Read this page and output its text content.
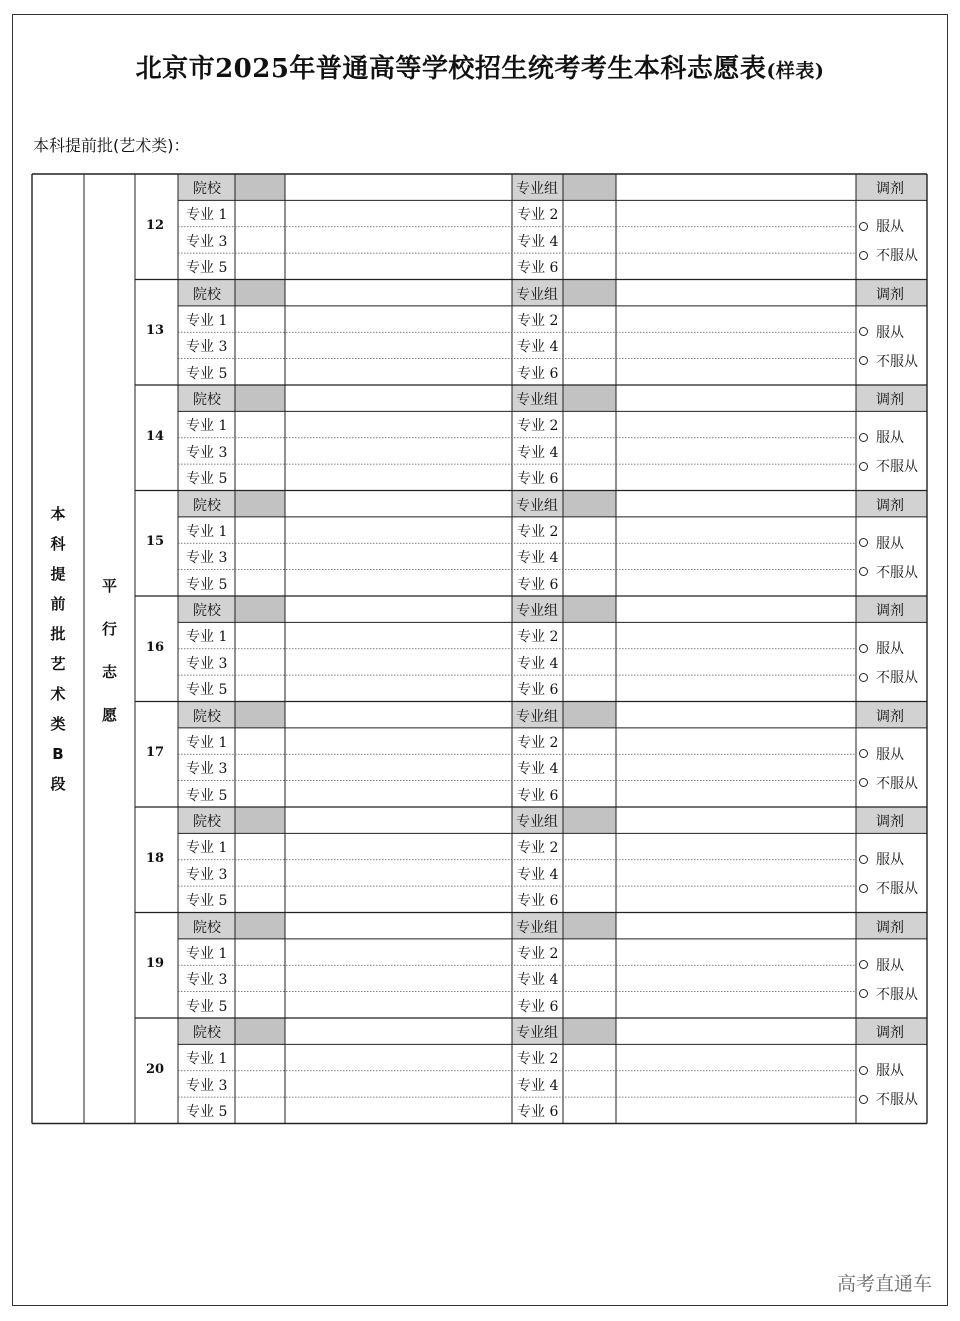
北京市2025年普通高等学校招生统考考生本科志愿表(样表)
本科提前批(艺术类)：
本
科
提
前
批
艺
术
类
B
段
平
行
志
愿
12
院校	专业组	调剂
专业 1	专业 2
专业 3	专业 4
专业 5	专业 6
服从
不服从
13
院校	专业组	调剂
专业 1	专业 2
专业 3	专业 4
专业 5	专业 6
服从
不服从
14
院校	专业组	调剂
专业 1	专业 2
专业 3	专业 4
专业 5	专业 6
服从
不服从
15
院校	专业组	调剂
专业 1	专业 2
专业 3	专业 4
专业 5	专业 6
服从
不服从
16
院校	专业组	调剂
专业 1	专业 2
专业 3	专业 4
专业 5	专业 6
服从
不服从
17
院校	专业组	调剂
专业 1	专业 2
专业 3	专业 4
专业 5	专业 6
服从
不服从
18
院校	专业组	调剂
专业 1	专业 2
专业 3	专业 4
专业 5	专业 6
服从
不服从
19
院校	专业组	调剂
专业 1	专业 2
专业 3	专业 4
专业 5	专业 6
服从
不服从
20
院校	专业组	调剂
专业 1	专业 2
专业 3	专业 4
专业 5	专业 6
服从
不服从
高考直通车
